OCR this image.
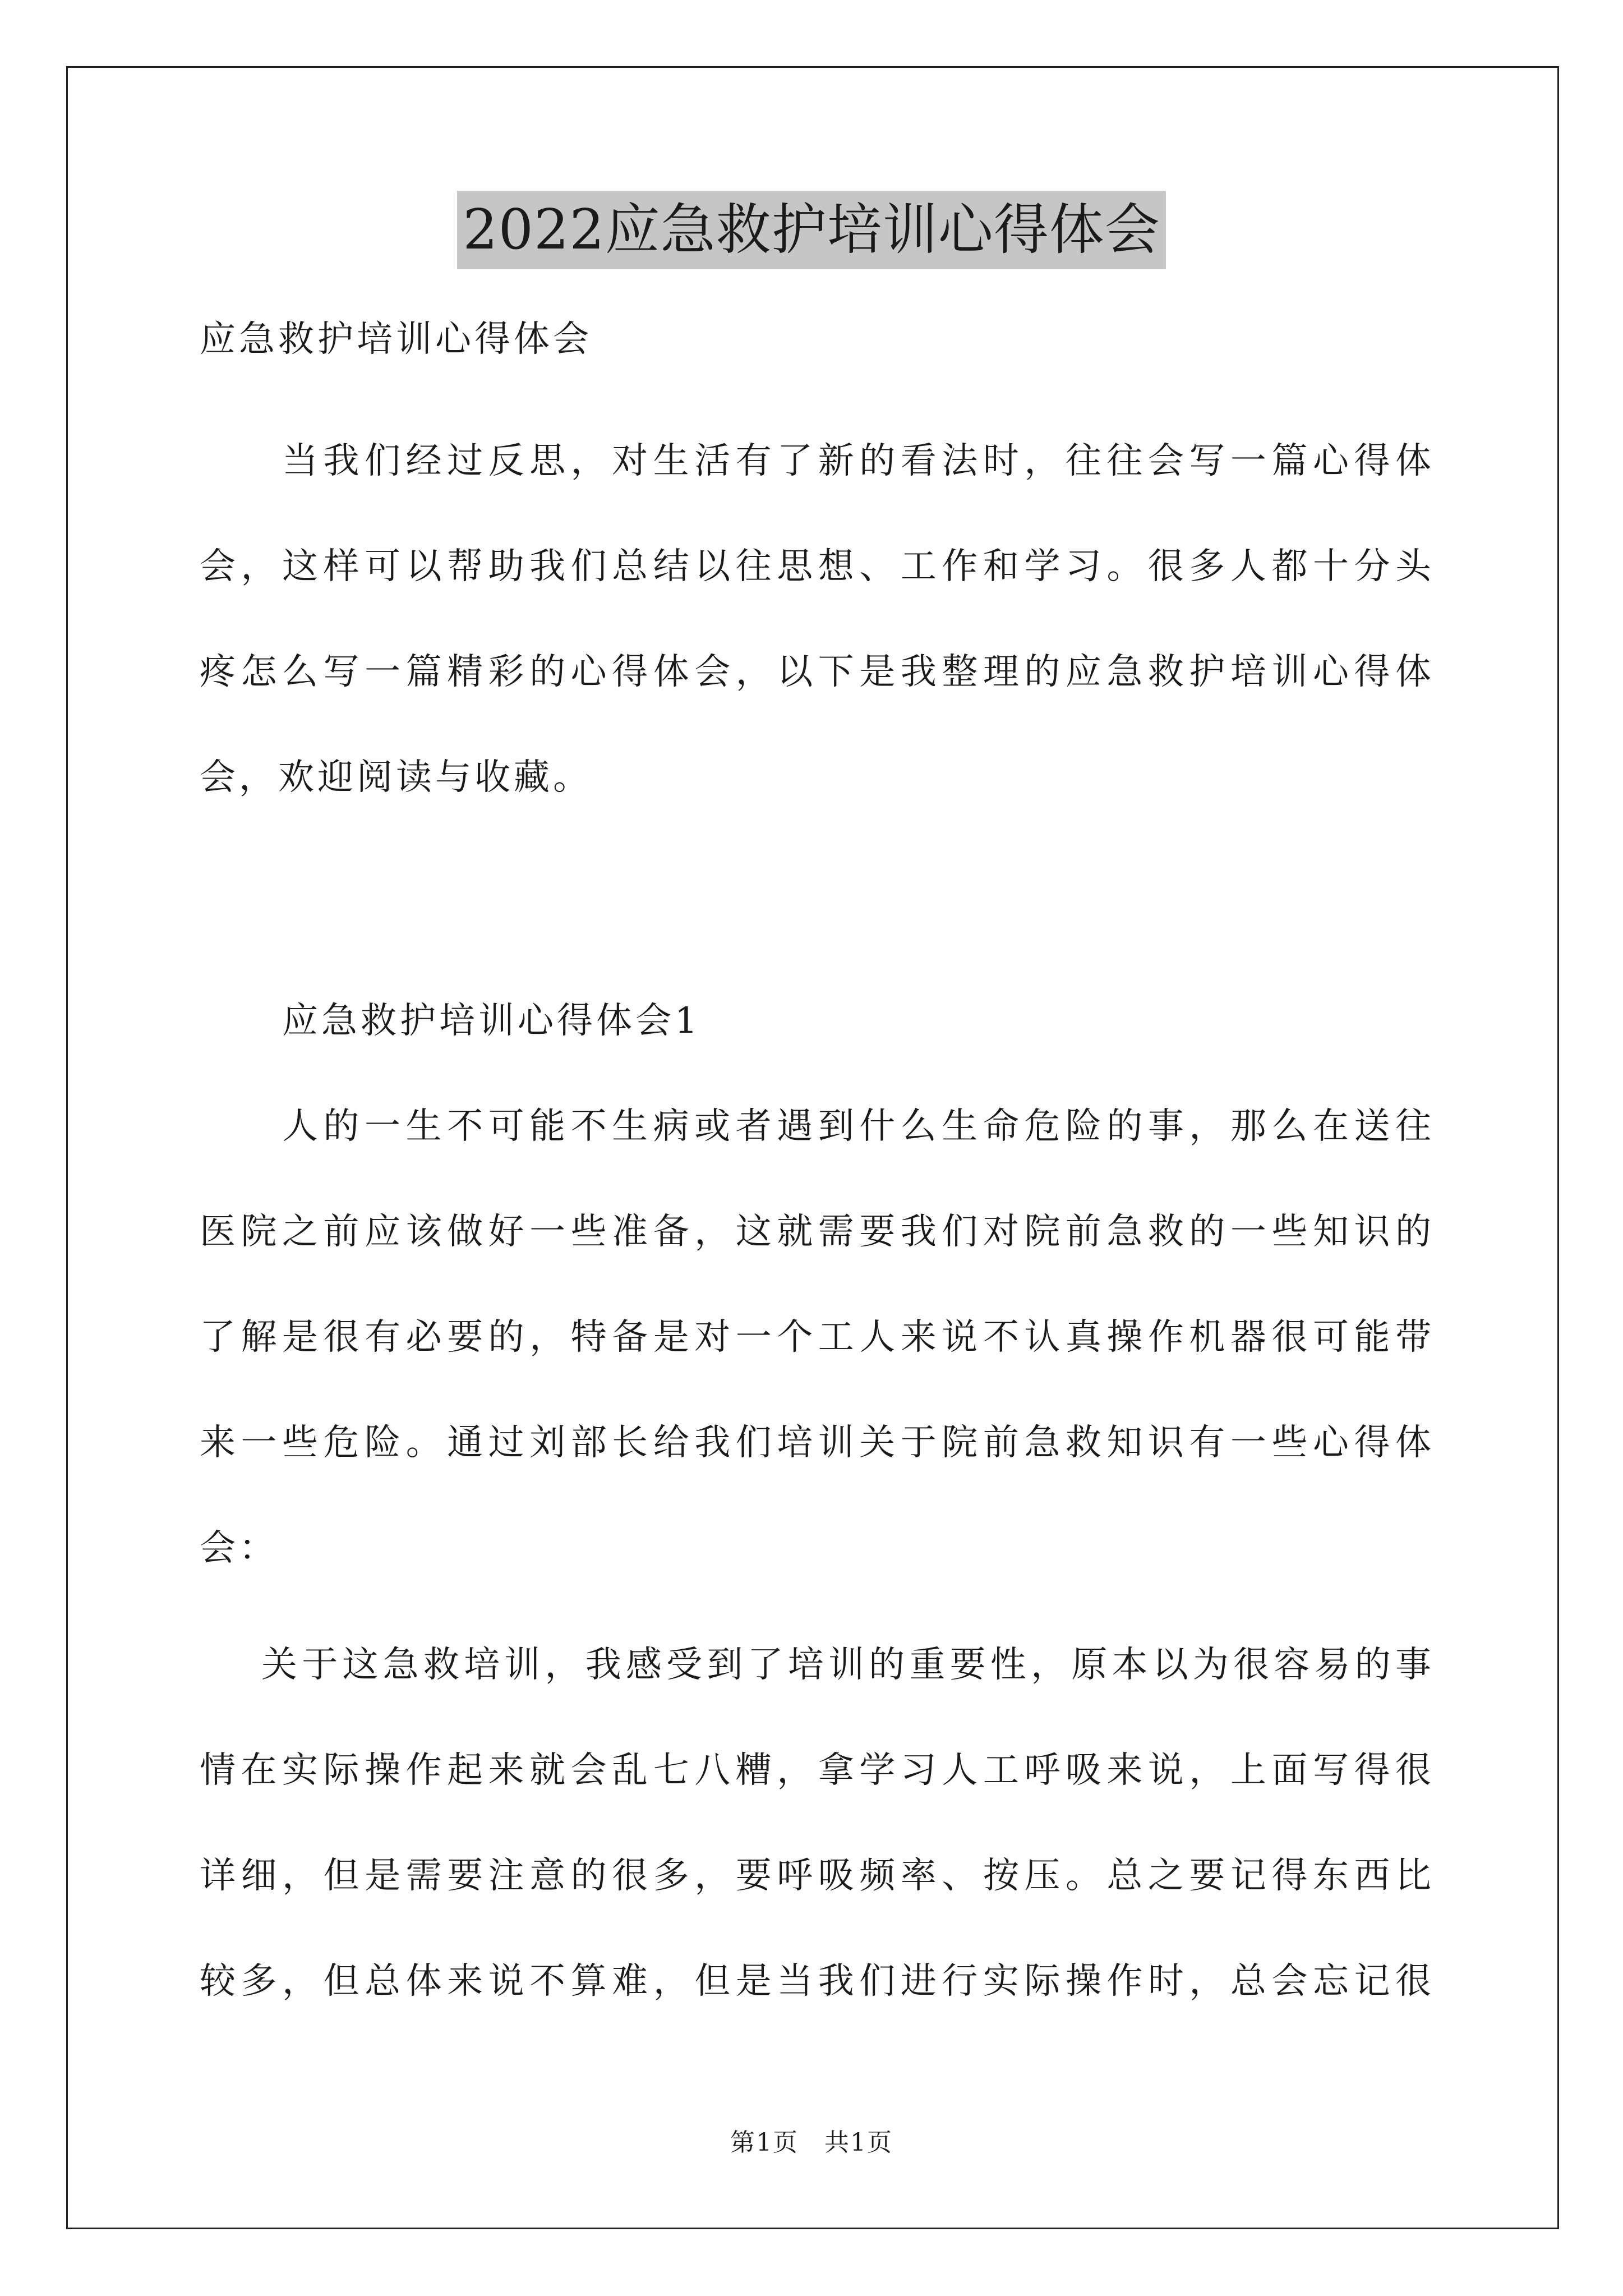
2022应急救护培训心得体会
应急救护培训心得体会
当我们经过反思，对生活有了新的看法时，往往会写一篇心得体
会，这样可以帮助我们总结以往思想、工作和学习。很多人都十分头
疼怎么写一篇精彩的心得体会，以下是我整理的应急救护培训心得体
会，欢迎阅读与收藏。
应急救护培训心得体会1
人的一生不可能不生病或者遇到什么生命危险的事，那么在送往
医院之前应该做好一些准备，这就需要我们对院前急救的一些知识的
了解是很有必要的，特备是对一个工人来说不认真操作机器很可能带
来一些危险。通过刘部长给我们培训关于院前急救知识有一些心得体
会：
关于这急救培训，我感受到了培训的重要性，原本以为很容易的事
情在实际操作起来就会乱七八糟，拿学习人工呼吸来说，上面写得很
详细，但是需要注意的很多，要呼吸频率、按压。总之要记得东西比
较多，但总体来说不算难，但是当我们进行实际操作时，总会忘记很
第1页　共1页
